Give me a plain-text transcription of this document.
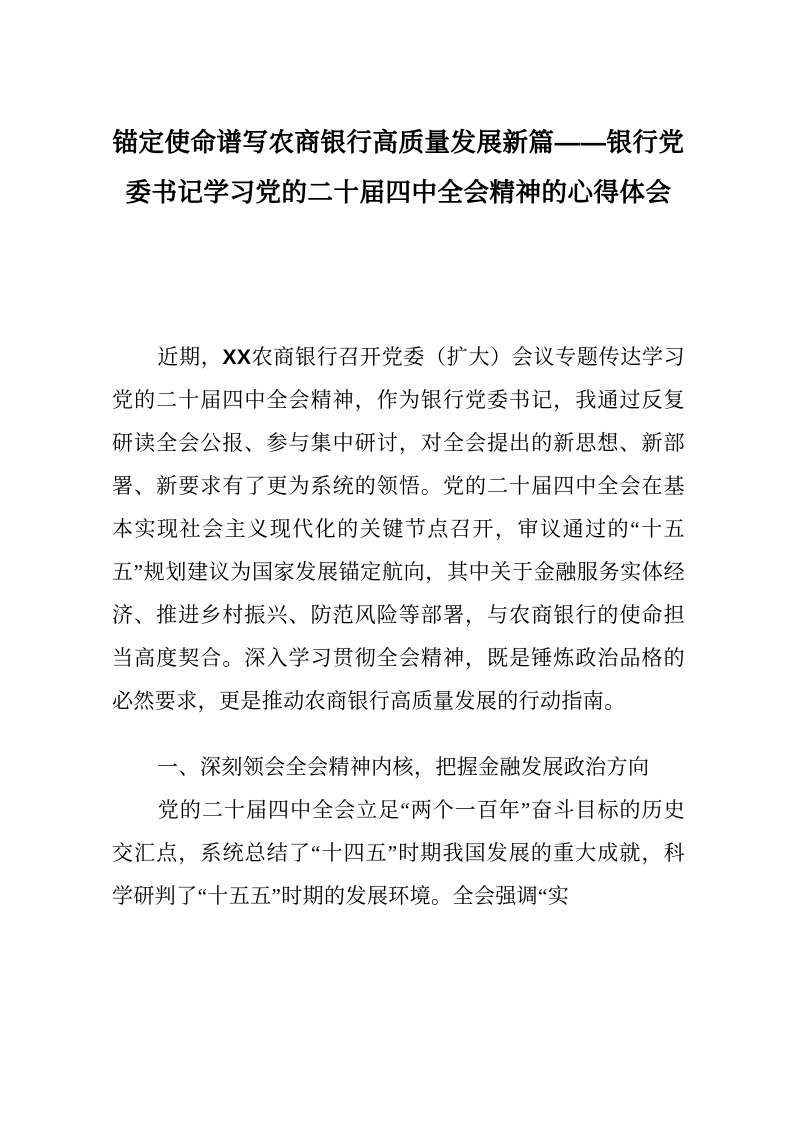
锚定使命谱写农商银行高质量发展新篇——银行党
委书记学习党的二十届四中全会精神的心得体会

近期，XX农商银行召开党委（扩大）会议专题传达学习党的二十届四中全会精神，作为银行党委书记，我通过反复研读全会公报、参与集中研讨，对全会提出的新思想、新部署、新要求有了更为系统的领悟。党的二十届四中全会在基本实现社会主义现代化的关键节点召开，审议通过的“十五五”规划建议为国家发展锚定航向，其中关于金融服务实体经济、推进乡村振兴、防范风险等部署，与农商银行的使命担当高度契合。深入学习贯彻全会精神，既是锤炼政治品格的必然要求，更是推动农商银行高质量发展的行动指南。

一、深刻领会全会精神内核，把握金融发展政治方向

党的二十届四中全会立足“两个一百年”奋斗目标的历史交汇点，系统总结了“十四五”时期我国发展的重大成就，科学研判了“十五五”时期的发展环境。全会强调“实
